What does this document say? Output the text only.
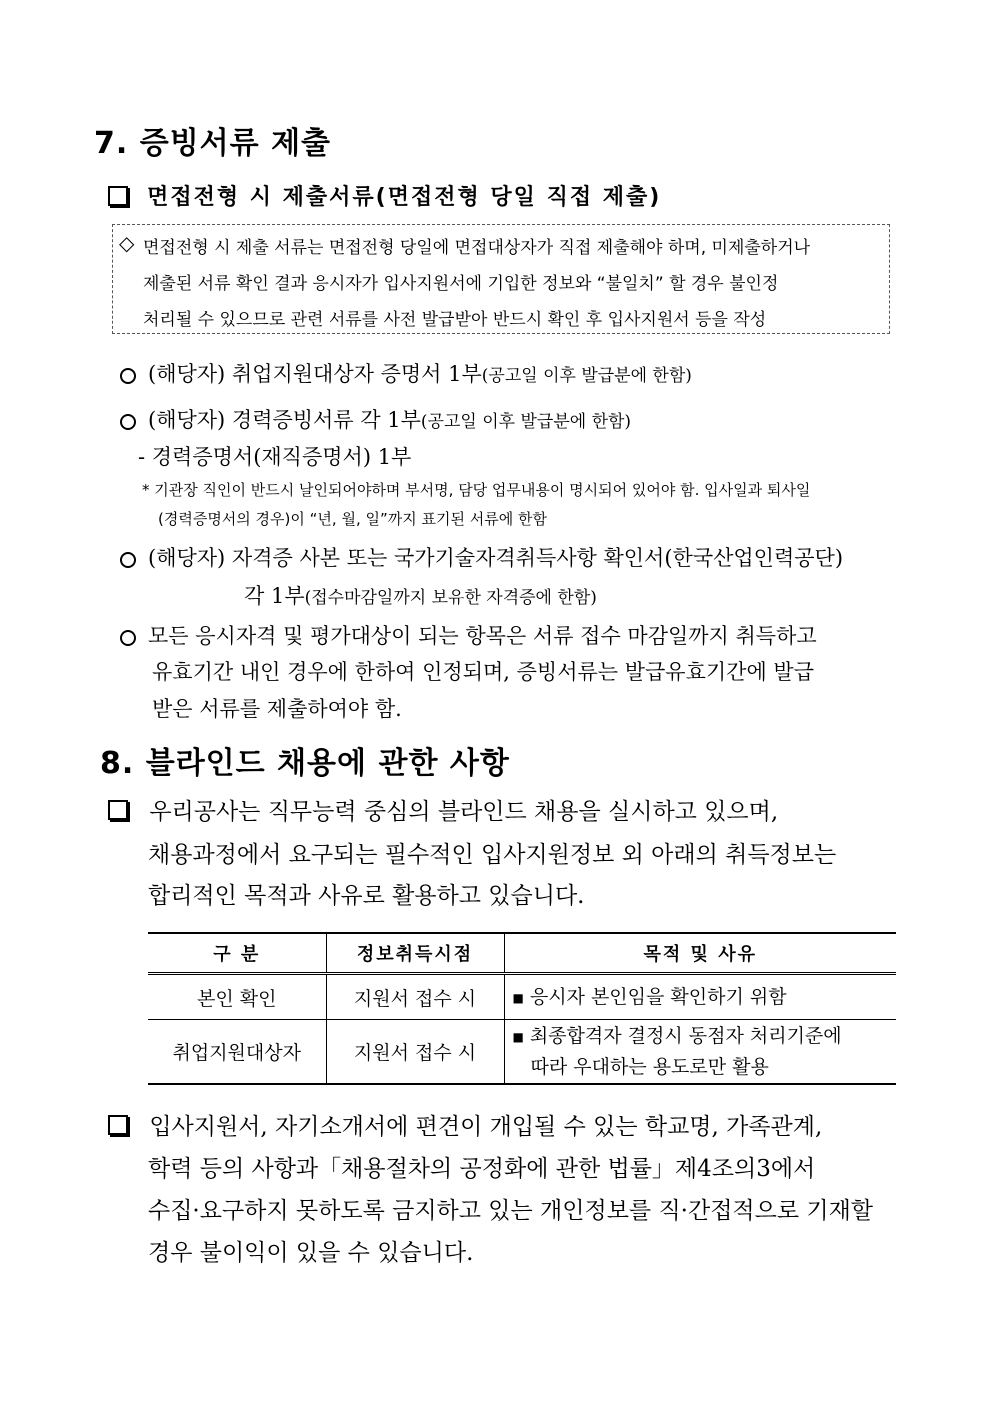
7. 증빙서류 제출
면접전형 시 제출서류(면접전형 당일 직접 제출)
◇ 면접전형 시 제출 서류는 면접전형 당일에 면접대상자가 직접 제출해야 하며, 미제출하거나
제출된 서류 확인 결과 응시자가 입사지원서에 기입한 정보와 “불일치” 할 경우 불인정
처리될 수 있으므로 관련 서류를 사전 발급받아 반드시 확인 후 입사지원서 등을 작성
(해당자) 취업지원대상자 증명서 1부(공고일 이후 발급분에 한함)
(해당자) 경력증빙서류 각 1부(공고일 이후 발급분에 한함)
- 경력증명서(재직증명서) 1부
* 기관장 직인이 반드시 날인되어야하며 부서명, 담당 업무내용이 명시되어 있어야 함. 입사일과 퇴사일
(경력증명서의 경우)이 “년, 월, 일”까지 표기된 서류에 한함
(해당자) 자격증 사본 또는 국가기술자격취득사항 확인서(한국산업인력공단)
각 1부(접수마감일까지 보유한 자격증에 한함)
모든 응시자격 및 평가대상이 되는 항목은 서류 접수 마감일까지 취득하고
유효기간 내인 경우에 한하여 인정되며, 증빙서류는 발급유효기간에 발급
받은 서류를 제출하여야 함.
8. 블라인드 채용에 관한 사항
우리공사는 직무능력 중심의 블라인드 채용을 실시하고 있으며,
채용과정에서 요구되는 필수적인 입사지원정보 외 아래의 취득정보는
합리적인 목적과 사유로 활용하고 있습니다.
구 분	정보취득시점	목적 및 사유
본인 확인	지원서 접수 시	■ 응시자 본인임을 확인하기 위함
취업지원대상자	지원서 접수 시	■ 최종합격자 결정시 동점자 처리기준에
따라 우대하는 용도로만 활용
입사지원서, 자기소개서에 편견이 개입될 수 있는 학교명, 가족관계,
학력 등의 사항과「채용절차의 공정화에 관한 법률」제4조의3에서
수집·요구하지 못하도록 금지하고 있는 개인정보를 직·간접적으로 기재할
경우 불이익이 있을 수 있습니다.
